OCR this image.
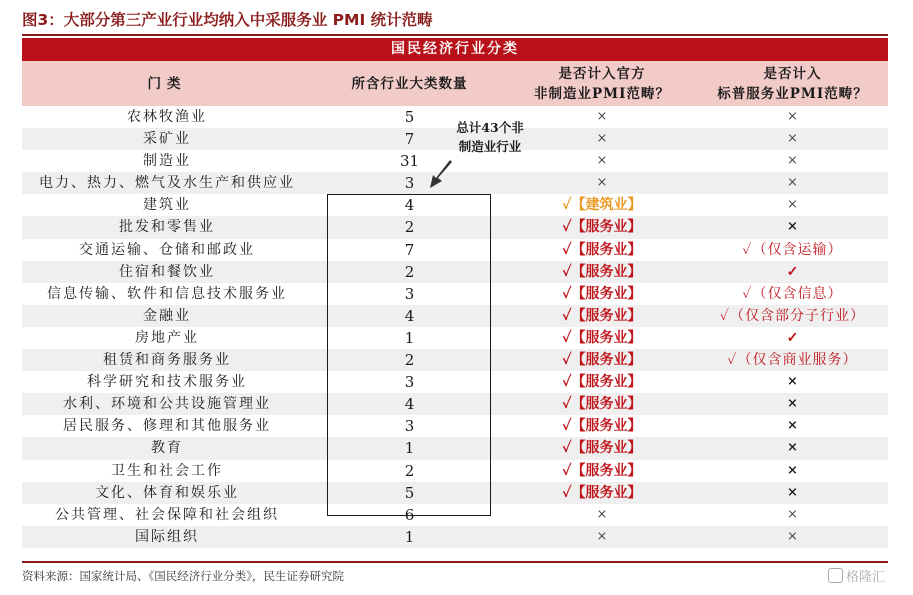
图3：大部分第三产业行业均纳入中采服务业 PMI 统计范畴
国民经济行业分类
门类	所含行业大类数量
是否计入官方
非制造业PMI范畴？
是否计入
标普服务业PMI范畴？
农林牧渔业	5	×	×
采矿业	7	×	×
制造业	31	×	×
电力、热力、燃气及水生产和供应业	3	×	×
建筑业	4	✓【建筑业】	×
批发和零售业	2	✓【服务业】	×
交通运输、仓储和邮政业	7	✓【服务业】	✓（仅含运输）
住宿和餐饮业	2	✓【服务业】	✓
信息传输、软件和信息技术服务业	3	✓【服务业】	✓（仅含信息）
金融业	4	✓【服务业】	✓（仅含部分子行业）
房地产业	1	✓【服务业】	✓
租赁和商务服务业	2	✓【服务业】	✓（仅含商业服务）
科学研究和技术服务业	3	✓【服务业】	×
水利、环境和公共设施管理业	4	✓【服务业】	×
居民服务、修理和其他服务业	3	✓【服务业】	×
教育	1	✓【服务业】	×
卫生和社会工作	2	✓【服务业】	×
文化、体育和娱乐业	5	✓【服务业】	×
公共管理、社会保障和社会组织	6	×	×
国际组织	1	×	×
总计43个非
制造业行业
资料来源：国家统计局、《国民经济行业分类》，民生证券研究院	格隆汇
